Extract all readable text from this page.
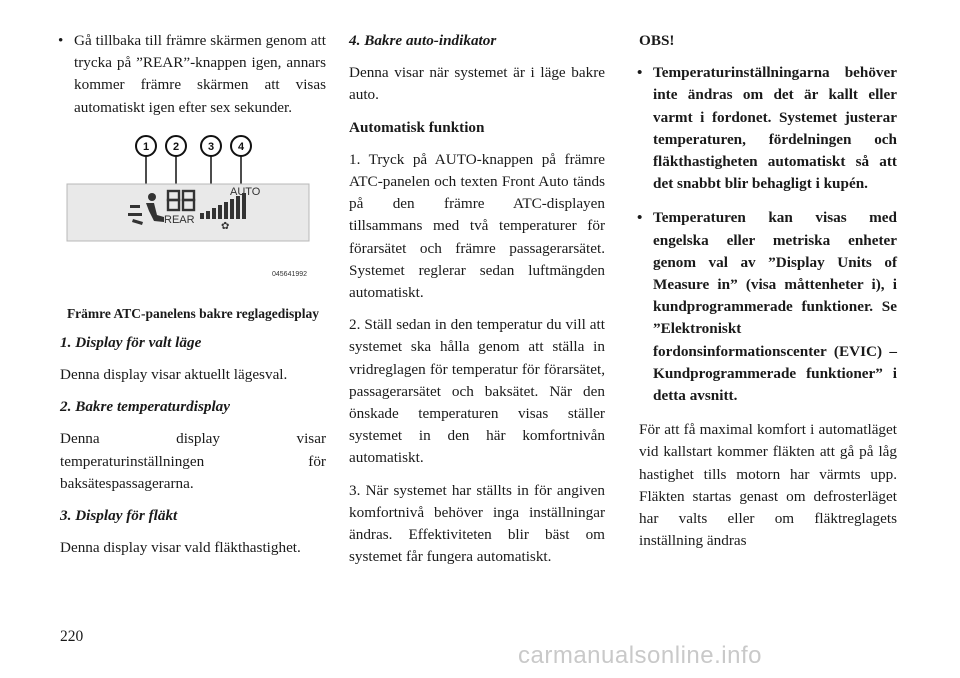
• Gå tillbaka till främre skärmen genom att trycka på ”REAR”-knappen igen, annars kommer främre skärmen att visas automatiskt igen efter sex sekunder.
1 2	3 4
REAR
✿
AUTO
045641992
Främre ATC-panelens bakre reglagedisplay
1. Display för valt läge
Denna display visar aktuellt lägesval.
2. Bakre temperaturdisplay
Denna display visar temperaturinställningen för baksätespassagerarna.
3. Display för fläkt
Denna display visar vald fläkthastighet.
4. Bakre auto-indikator
Denna visar när systemet är i läge bakre auto.
Automatisk funktion
1. Tryck på AUTO-knappen på främre ATC-panelen och texten Front Auto tänds på den främre ATC-displayen tillsammans med två temperaturer för förarsätet och främre passagerarsätet. Systemet reglerar sedan luftmängden automatiskt.
2. Ställ sedan in den temperatur du vill att systemet ska hålla genom att ställa in vridreglagen för temperatur för förarsätet, passagerarsätet och baksätet. När den önskade temperaturen visas ställer systemet in den här komfortnivån automatiskt.
3. När systemet har ställts in för angiven komfortnivå behöver inga inställningar ändras. Effektiviteten blir bäst om systemet får fungera automatiskt.
OBS!
• Temperaturinställningarna behöver inte ändras om det är kallt eller varmt i fordonet. Systemet justerar temperaturen, fördelningen och fläkthastigheten automatiskt så att det snabbt blir behagligt i kupén.
• Temperaturen kan visas med engelska eller metriska enheter genom val av ”Display Units of Measure in” (visa måttenheter i), i kundprogrammerade funktioner. Se ”Elektroniskt fordonsinformationscenter (EVIC) – Kundprogrammerade funktioner” i detta avsnitt.
För att få maximal komfort i automatläget vid kallstart kommer fläkten att gå på låg hastighet tills motorn har värmts upp. Fläkten startas genast om defrosterläget har valts eller om fläktreglagets inställning ändras
220
carmanualsonline.info
